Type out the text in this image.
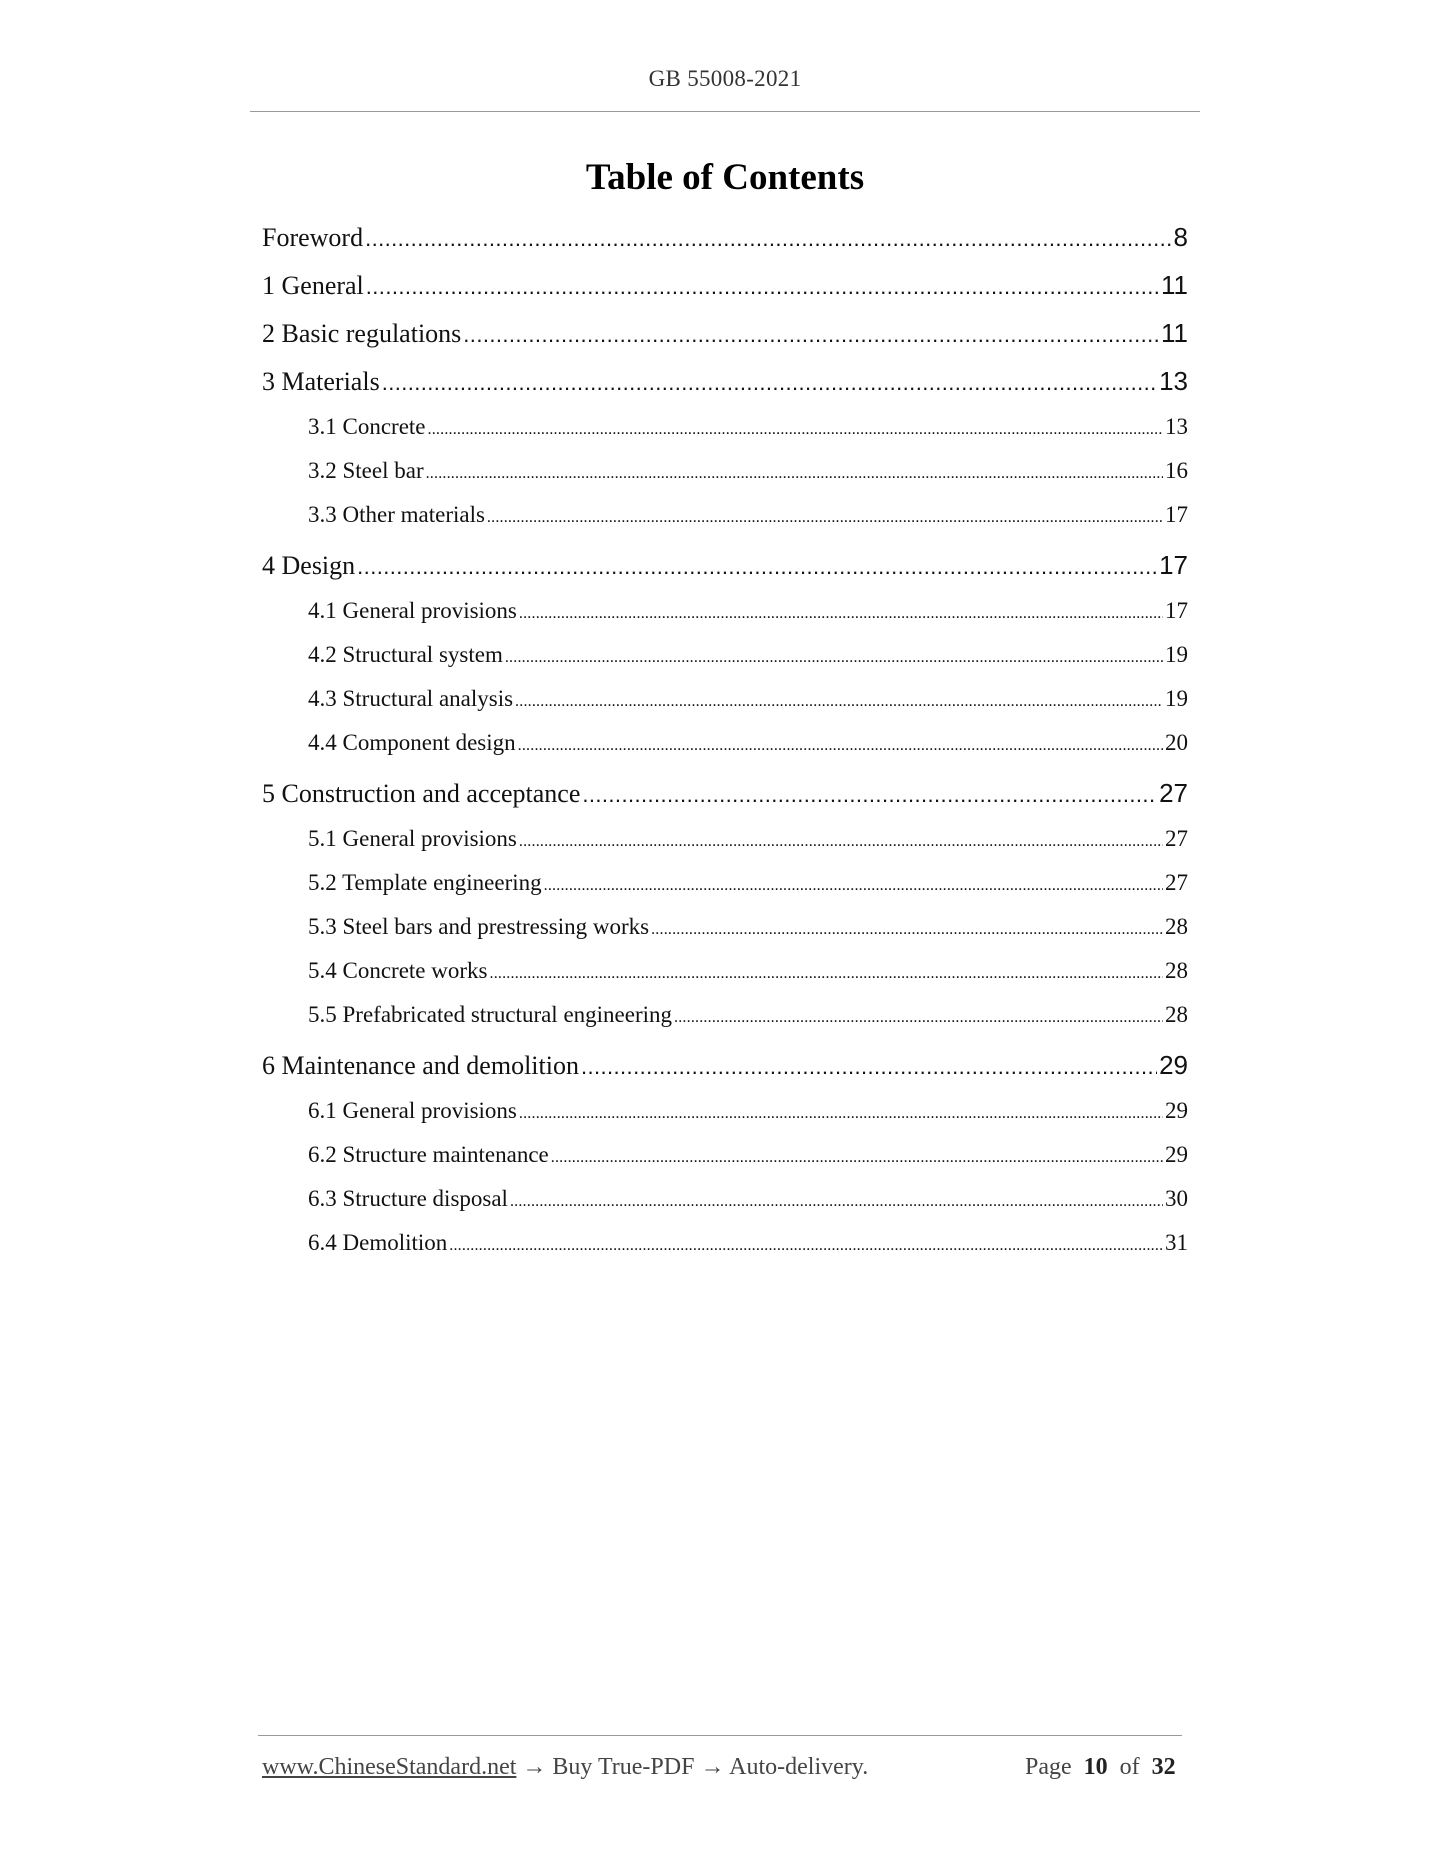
GB 55008-2021
Table of Contents
Foreword .....	8
1 General .....	11
2 Basic regulations .....	11
3 Materials .....	13
3.1 Concrete .....	13
3.2 Steel bar .....	16
3.3 Other materials .....	17
4 Design .....	17
4.1 General provisions .....	17
4.2 Structural system .....	19
4.3 Structural analysis .....	19
4.4 Component design .....	20
5 Construction and acceptance .....	27
5.1 General provisions .....	27
5.2 Template engineering .....	27
5.3 Steel bars and prestressing works .....	28
5.4 Concrete works .....	28
5.5 Prefabricated structural engineering .....	28
6 Maintenance and demolition .....	29
6.1 General provisions .....	29
6.2 Structure maintenance .....	29
6.3 Structure disposal .....	30
6.4 Demolition .....	31
www.ChineseStandard.net → Buy True-PDF → Auto-delivery.	Page 10 of 32
